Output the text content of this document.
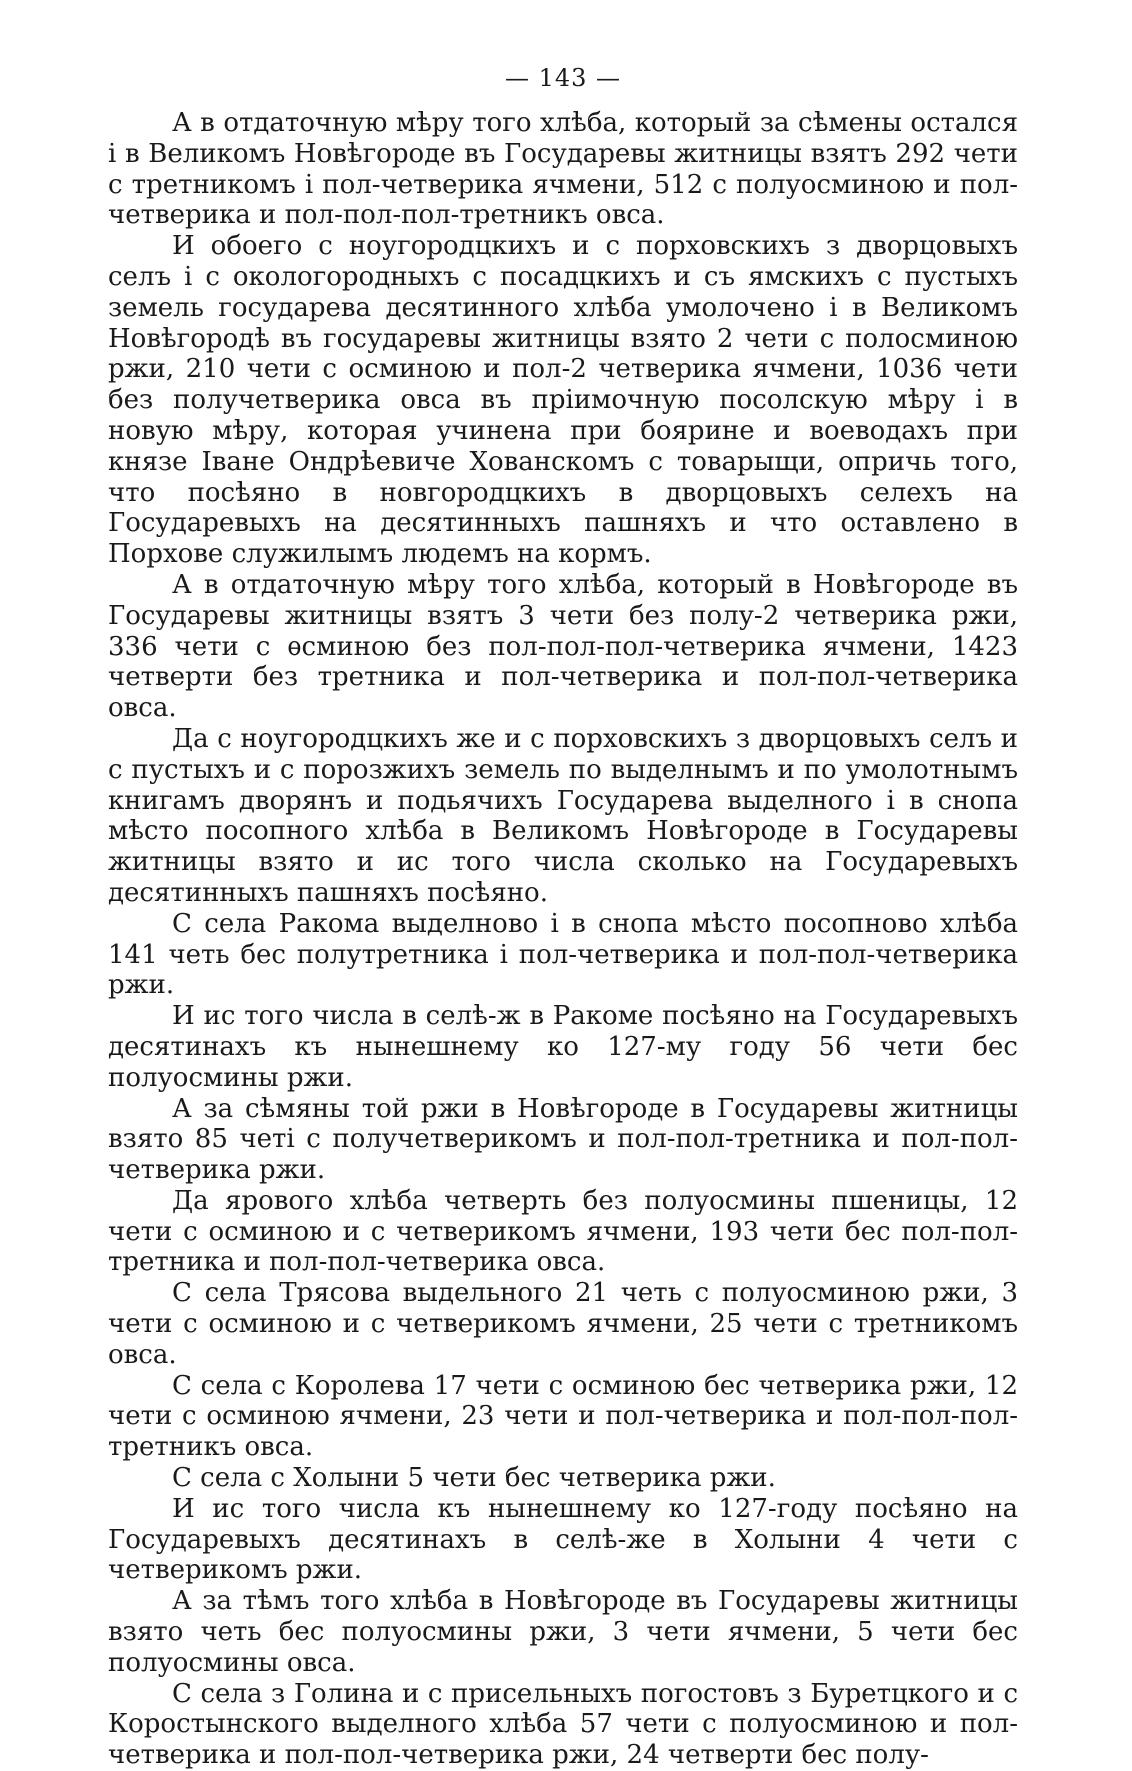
— 143 —

А в отдаточную мѣру того хлѣба, который за сѣмены остался і в Великомъ Новѣгороде въ Государевы житницы взятъ 292 чети с третникомъ і пол-четверика ячмени, 512 с полуосминою и пол-четверика и пол-пол-пол-третникъ овса.

И обоего с ноугородцкихъ и с порховскихъ з дворцовыхъ селъ і с окологородныхъ с посадцкихъ и съ ямскихъ с пустыхъ земель государева десятинного хлѣба умолочено і в Великомъ Новѣгородѣ въ государевы житницы взято 2 чети с полосминою ржи, 210 чети с осминою и пол-2 четверика ячмени, 1036 чети без получетверика овса въ пріимочную посолскую мѣру і в новую мѣру, которая учинена при боярине и воеводахъ при князе Іване Ондрѣевиче Хованскомъ с товарыщи, опричь того, что посѣяно в новгородцкихъ в дворцовыхъ селехъ на Государевыхъ на десятинныхъ пашняхъ и что оставлено в Порхове служилымъ людемъ на кормъ.

А в отдаточную мѣру того хлѣба, который в Новѣгороде въ Государевы житницы взятъ 3 чети без полу-2 четверика ржи, 336 чети с ѳсминою без пол-пол-пол-четверика ячмени, 1423 четверти без третника и пол-четверика и пол-пол-четверика овса.

Да с ноугородцкихъ же и с порховскихъ з дворцовыхъ селъ и с пустыхъ и с порозжихъ земель по выделнымъ и по умолотнымъ книгамъ дворянъ и подьячихъ Государева выделного і в снопа мѣсто посопного хлѣба в Великомъ Новѣгороде в Государевы житницы взято и ис того числа сколько на Государевыхъ десятинныхъ пашняхъ посѣяно.

С села Ракома выделново і в снопа мѣсто посопново хлѣба 141 четь бес полутретника і пол-четверика и пол-пол-четверика ржи.

И ис того числа в селѣ-ж в Ракоме посѣяно на Государевыхъ десятинахъ къ нынешнему ко 127-му году 56 чети бес полуосмины ржи.

А за сѣмяны той ржи в Новѣгороде в Государевы житницы взято 85 четі с получетверикомъ и пол-пол-третника и пол-пол-четверика ржи.

Да ярового хлѣба четверть без полуосмины пшеницы, 12 чети с осминою и с четверикомъ ячмени, 193 чети бес пол-пол-третника и пол-пол-четверика овса.

С села Трясова выдельного 21 четь с полуосминою ржи, 3 чети с осминою и с четверикомъ ячмени, 25 чети с третникомъ овса.

С села с Королева 17 чети с осминою бес четверика ржи, 12 чети с осминою ячмени, 23 чети и пол-четверика и пол-пол-пол-третникъ овса.

С села с Холыни 5 чети бес четверика ржи.

И ис того числа къ нынешнему ко 127-году посѣяно на Государевыхъ десятинахъ в селѣ-же в Холыни 4 чети с четверикомъ ржи.

А за тѣмъ того хлѣба в Новѣгороде въ Государевы житницы взято четь бес полуосмины ржи, 3 чети ячмени, 5 чети бес полуосмины овса.

С села з Голина и с присельныхъ погостовъ з Буретцкого и с Коростынского выделного хлѣба 57 чети с полуосминою и пол-четверика и пол-пол-четверика ржи, 24 четверти бес полу-
